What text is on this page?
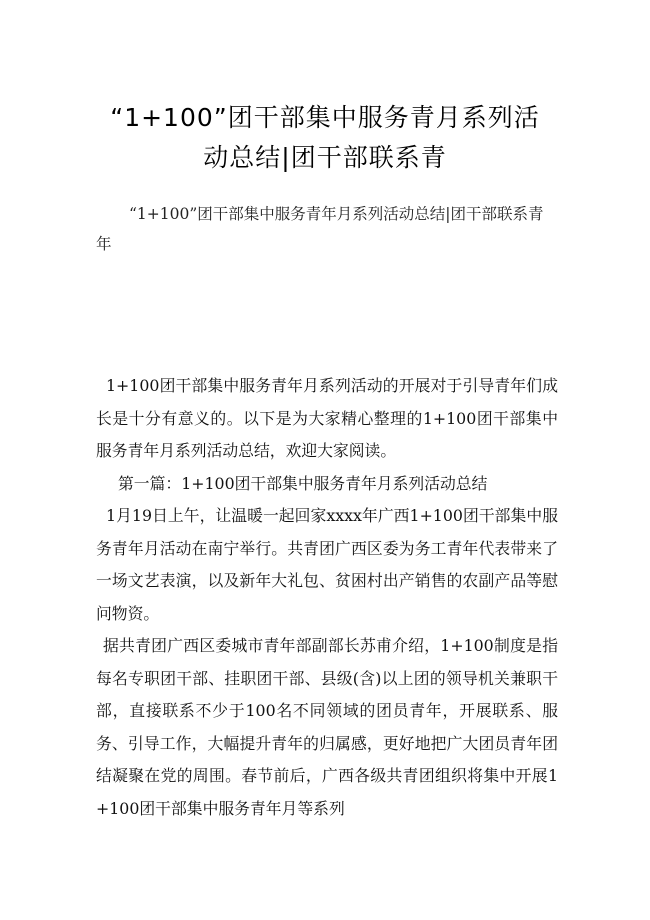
“1+100”团干部集中服务青月系列活动总结|团干部联系青
“1+100”团干部集中服务青年月系列活动总结|团干部联系青年

1+100团干部集中服务青年月系列活动的开展对于引导青年们成长是十分有意义的。以下是为大家精心整理的1+100团干部集中服务青年月系列活动总结，欢迎大家阅读。

第一篇：1+100团干部集中服务青年月系列活动总结

1月19日上午，让温暖一起回家xxxx年广西1+100团干部集中服务青年月活动在南宁举行。共青团广西区委为务工青年代表带来了一场文艺表演，以及新年大礼包、贫困村出产销售的农副产品等慰问物资。

据共青团广西区委城市青年部副部长苏甫介绍，1+100制度是指每名专职团干部、挂职团干部、县级(含)以上团的领导机关兼职干部，直接联系不少于100名不同领域的团员青年，开展联系、服务、引导工作，大幅提升青年的归属感，更好地把广大团员青年团结凝聚在党的周围。春节前后，广西各级共青团组织将集中开展1+100团干部集中服务青年月等系列
